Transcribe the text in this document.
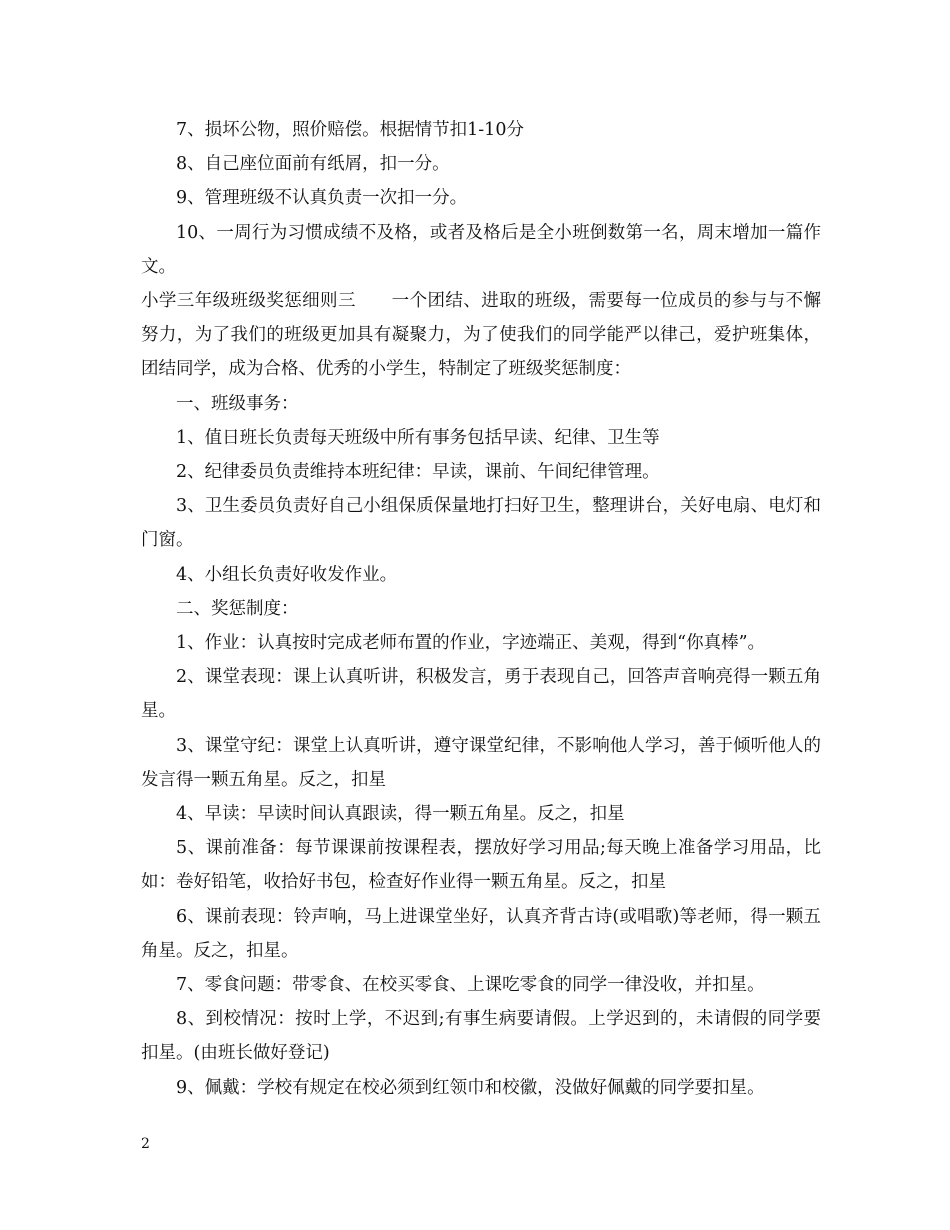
7、损坏公物，照价赔偿。根据情节扣1-10分

8、自己座位面前有纸屑，扣一分。

9、管理班级不认真负责一次扣一分。

10、一周行为习惯成绩不及格，或者及格后是全小班倒数第一名，周末增加一篇作文。

小学三年级班级奖惩细则三　　一个团结、进取的班级，需要每一位成员的参与与不懈努力，为了我们的班级更加具有凝聚力，为了使我们的同学能严以律己，爱护班集体，团结同学，成为合格、优秀的小学生，特制定了班级奖惩制度：

一、班级事务：

1、值日班长负责每天班级中所有事务包括早读、纪律、卫生等

2、纪律委员负责维持本班纪律：早读，课前、午间纪律管理。

3、卫生委员负责好自己小组保质保量地打扫好卫生，整理讲台，关好电扇、电灯和门窗。

4、小组长负责好收发作业。

二、奖惩制度：

1、作业：认真按时完成老师布置的作业，字迹端正、美观，得到“你真棒”。

2、课堂表现：课上认真听讲，积极发言，勇于表现自己，回答声音响亮得一颗五角星。

3、课堂守纪：课堂上认真听讲，遵守课堂纪律，不影响他人学习，善于倾听他人的发言得一颗五角星。反之，扣星

4、早读：早读时间认真跟读，得一颗五角星。反之，扣星

5、课前准备：每节课课前按课程表，摆放好学习用品;每天晚上准备学习用品，比如：卷好铅笔，收拾好书包，检查好作业得一颗五角星。反之，扣星

6、课前表现：铃声响，马上进课堂坐好，认真齐背古诗(或唱歌)等老师，得一颗五角星。反之，扣星。

7、零食问题：带零食、在校买零食、上课吃零食的同学一律没收，并扣星。

8、到校情况：按时上学，不迟到;有事生病要请假。上学迟到的，未请假的同学要扣星。(由班长做好登记)

9、佩戴：学校有规定在校必须到红领巾和校徽，没做好佩戴的同学要扣星。

2
